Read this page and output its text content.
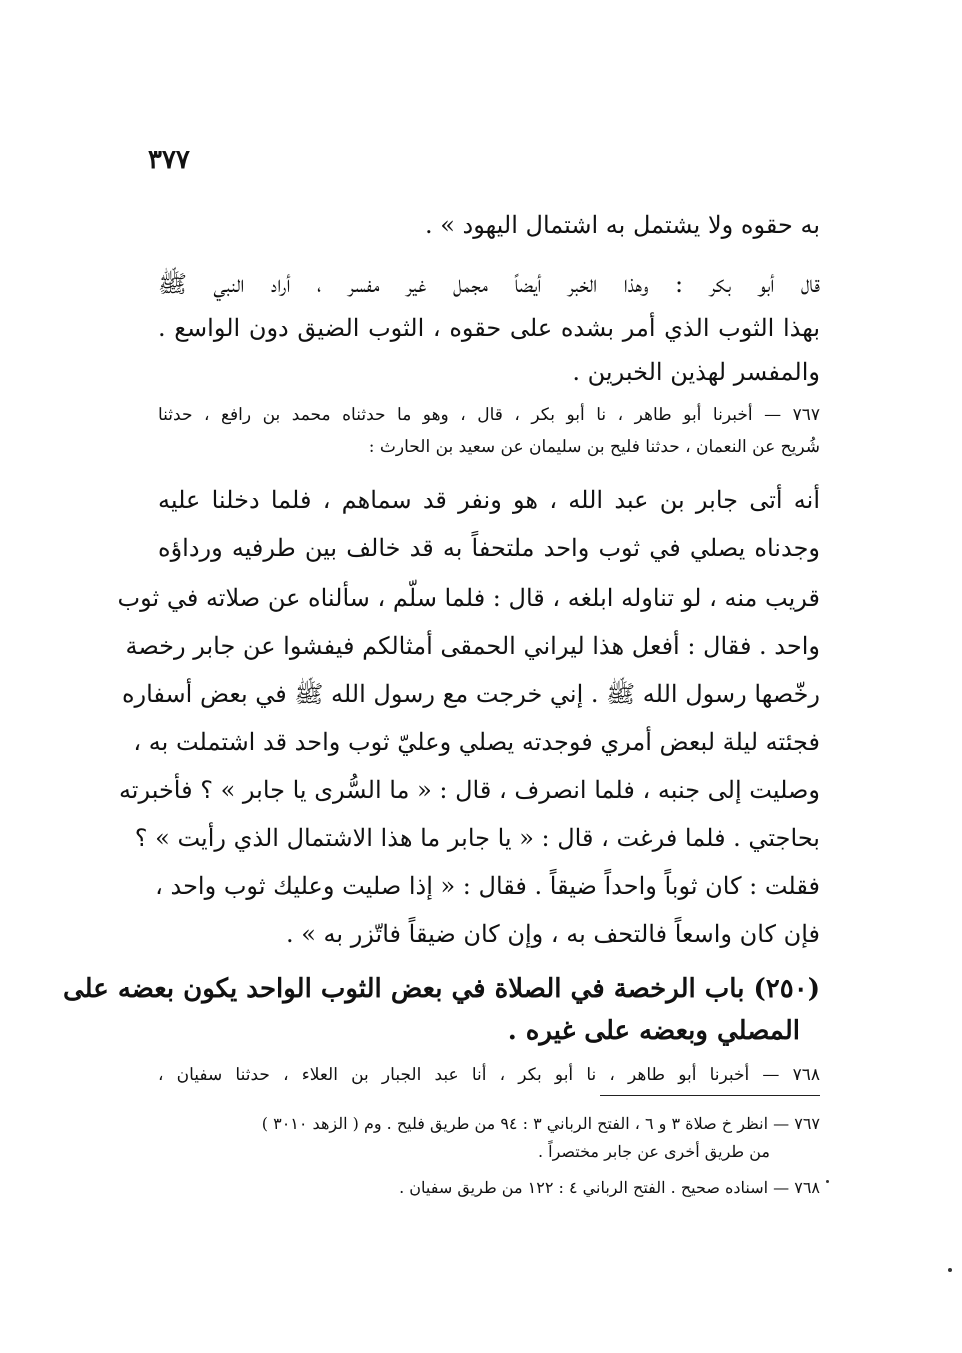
٣٧٧
به حقوه ولا يشتمل به اشتمال اليهود » .
قال أبو بكر : وهذا الخبر أيضاً مجمل غير مفسر ، أراد النبي ﷺ
بهذا الثوب الذي أمر بشده على حقوه ، الثوب الضيق دون الواسع .
والمفسر لهذين الخبرين .
٧٦٧ — أخبرنا أبو طاهر ، نا أبو بكر ، قال ، وهو ما حدثناه محمد بن رافع ، حدثنا
شُريح عن النعمان ، حدثنا فليح بن سليمان عن سعيد بن الحارث :
أنه أتى جابر بن عبد الله ، هو ونفر قد سماهم ، فلما دخلنا عليه
وجدناه يصلي في ثوب واحد ملتحفاً به قد خالف بين طرفيه ورداؤه
قريب منه ، لو تناوله ابلغه ، قال : فلما سلّم ، سألناه عن صلاته في ثوب
واحد . فقال : أفعل هذا ليراني الحمقى أمثالكم فيفشوا عن جابر رخصة
رخّصها رسول الله ﷺ . إني خرجت مع رسول الله ﷺ في بعض أسفاره
فجئته ليلة لبعض أمري فوجدته يصلي وعليّ ثوب واحد قد اشتملت به ،
وصليت إلى جنبه ، فلما انصرف ، قال : « ما السُّرى يا جابر » ؟ فأخبرته
بحاجتي . فلما فرغت ، قال : « يا جابر ما هذا الاشتمال الذي رأيت » ؟
فقلت : كان ثوباً واحداً ضيقاً . فقال : « إذا صليت وعليك ثوب واحد ،
فإن كان واسعاً فالتحف به ، وإن كان ضيقاً فاتّزر به » .
(٢٥٠) باب الرخصة في الصلاة في بعض الثوب الواحد يكون بعضه على
المصلي وبعضه على غيره .
٧٦٨ — أخبرنا أبو طاهر ، نا أبو بكر ، أنا عبد الجبار بن العلاء ، حدثنا سفيان ،
٧٦٧ — انظر خ صلاة ٣ و ٦ ، الفتح الرباني ٣ : ٩٤ من طريق فليح . وم ( الزهد ٣٠١٠ )
من طريق أخرى عن جابر مختصراً .
٧٦٨ — اسناده صحيح . الفتح الرباني ٤ : ١٢٢ من طريق سفيان .
